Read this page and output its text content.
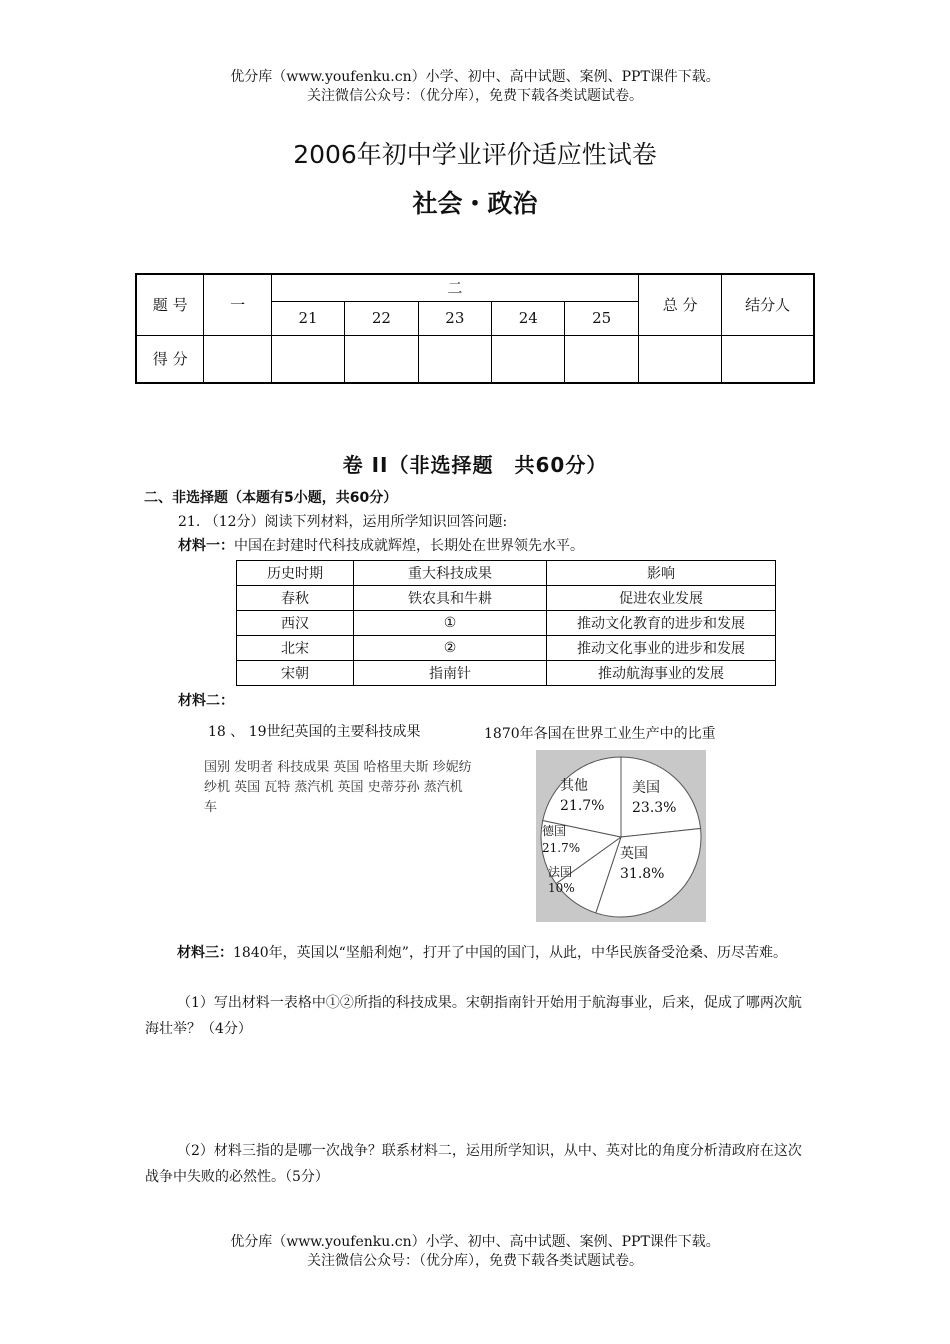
优分库（www.youfenku.cn）小学、初中、高中试题、案例、PPT课件下载。
关注微信公众号：（优分库），免费下载各类试题试卷。
2006年初中学业评价适应性试卷
社会・政治
题 号	一	二					总 分	结分人
		21	22	23	24	25		
得 分								
卷 II（非选择题　共60分）
二、非选择题（本题有5小题，共60分）
21. （12分）阅读下列材料，运用所学知识回答问题:
材料一：中国在封建时代科技成就辉煌，长期处在世界领先水平。
历史时期	重大科技成果	影响
春秋	铁农具和牛耕	促进农业发展
西汉	①	推动文化教育的进步和发展
北宋	②	推动文化事业的进步和发展
宋朝	指南针	推动航海事业的发展
材料二：
18 、 19世纪英国的主要科技成果
国别 发明者 科技成果 英国 哈格里夫斯 珍妮纺纱机 英国 瓦特 蒸汽机 英国 史蒂芬孙 蒸汽机车
1870年各国在世界工业生产中的比重
其他
21.7%
美国
23.3%
德国
21.7%	英国
31.8%
法国
10%
材料三：1840年，英国以“坚船利炮”，打开了中国的国门，从此，中华民族备受沧桑、历尽苦难。
（1）写出材料一表格中①②所指的科技成果。宋朝指南针开始用于航海事业，后来，促成了哪两次航海壮举？（4分）
（2）材料三指的是哪一次战争？联系材料二，运用所学知识，从中、英对比的角度分析清政府在这次战争中失败的必然性。（5分）
优分库（www.youfenku.cn）小学、初中、高中试题、案例、PPT课件下载。
关注微信公众号：（优分库），免费下载各类试题试卷。
